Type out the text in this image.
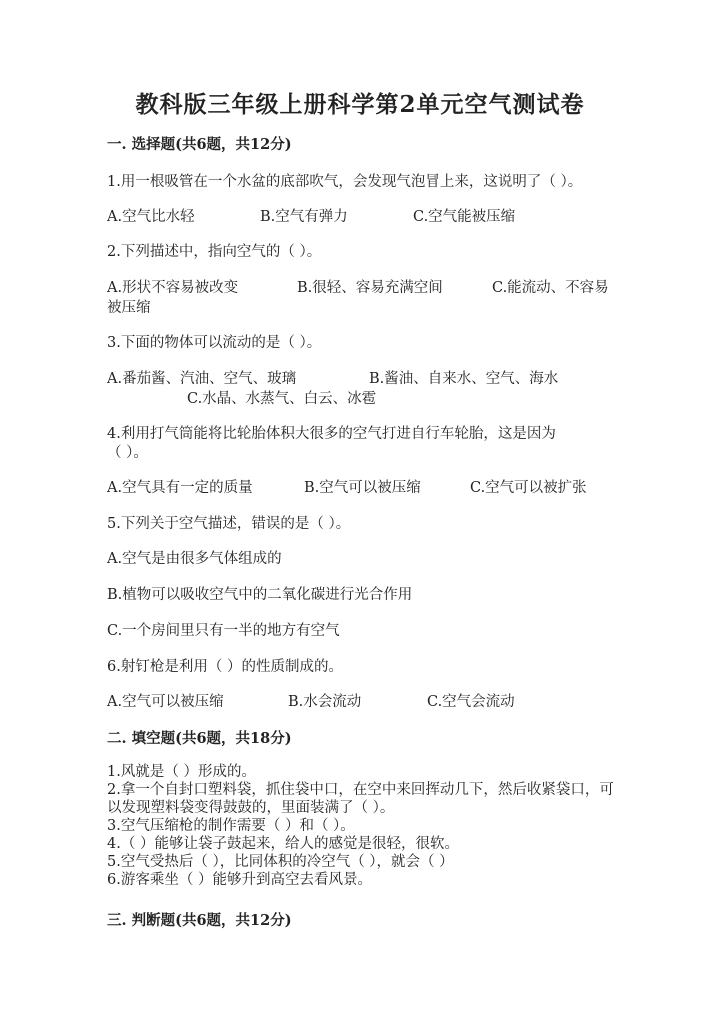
教科版三年级上册科学第2单元空气测试卷
一. 选择题(共6题，共12分)
1.用一根吸管在一个水盆的底部吹气，会发现气泡冒上来，这说明了（ ）。
A.空气比水轻	B.空气有弹力	C.空气能被压缩
2.下列描述中，指向空气的（ ）。
A.形状不容易被改变	B.很轻、容易充满空间	C.能流动、不容易
被压缩
3.下面的物体可以流动的是（ ）。
A.番茄酱、汽油、空气、玻璃	B.酱油、自来水、空气、海水
C.水晶、水蒸气、白云、冰雹
4.利用打气筒能将比轮胎体积大很多的空气打进自行车轮胎，这是因为
（ ）。
A.空气具有一定的质量	B.空气可以被压缩	C.空气可以被扩张
5.下列关于空气描述，错误的是（ ）。
A.空气是由很多气体组成的
B.植物可以吸收空气中的二氧化碳进行光合作用
C.一个房间里只有一半的地方有空气
6.射钉枪是利用（ ）的性质制成的。
A.空气可以被压缩	B.水会流动	C.空气会流动
二. 填空题(共6题，共18分)
1.风就是（ ）形成的。
2.拿一个自封口塑料袋，抓住袋中口，在空中来回挥动几下，然后收紧袋口，可
以发现塑料袋变得鼓鼓的，里面装满了（ ）。
3.空气压缩枪的制作需要（ ）和（ ）。
4.（ ）能够让袋子鼓起来，给人的感觉是很轻，很软。
5.空气受热后（ ），比同体积的冷空气（ ），就会（ ）
6.游客乘坐（ ）能够升到高空去看风景。
三. 判断题(共6题，共12分)
